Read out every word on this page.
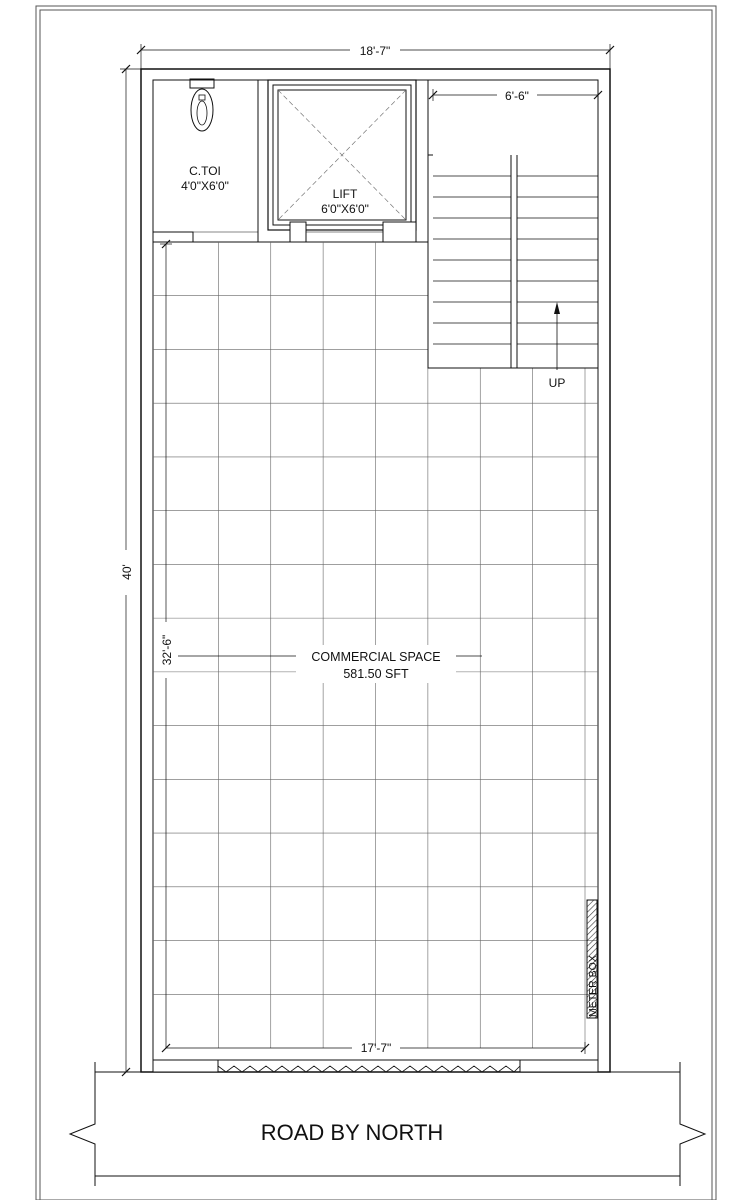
C.TOI
4'0"X6'0"
LIFT
6'0"X6'0"
UP
METER BOX
18'-7"
6'-6"
40'
32'-6"
17'-7"
COMMERCIAL SPACE
581.50 SFT
ROAD BY NORTH
